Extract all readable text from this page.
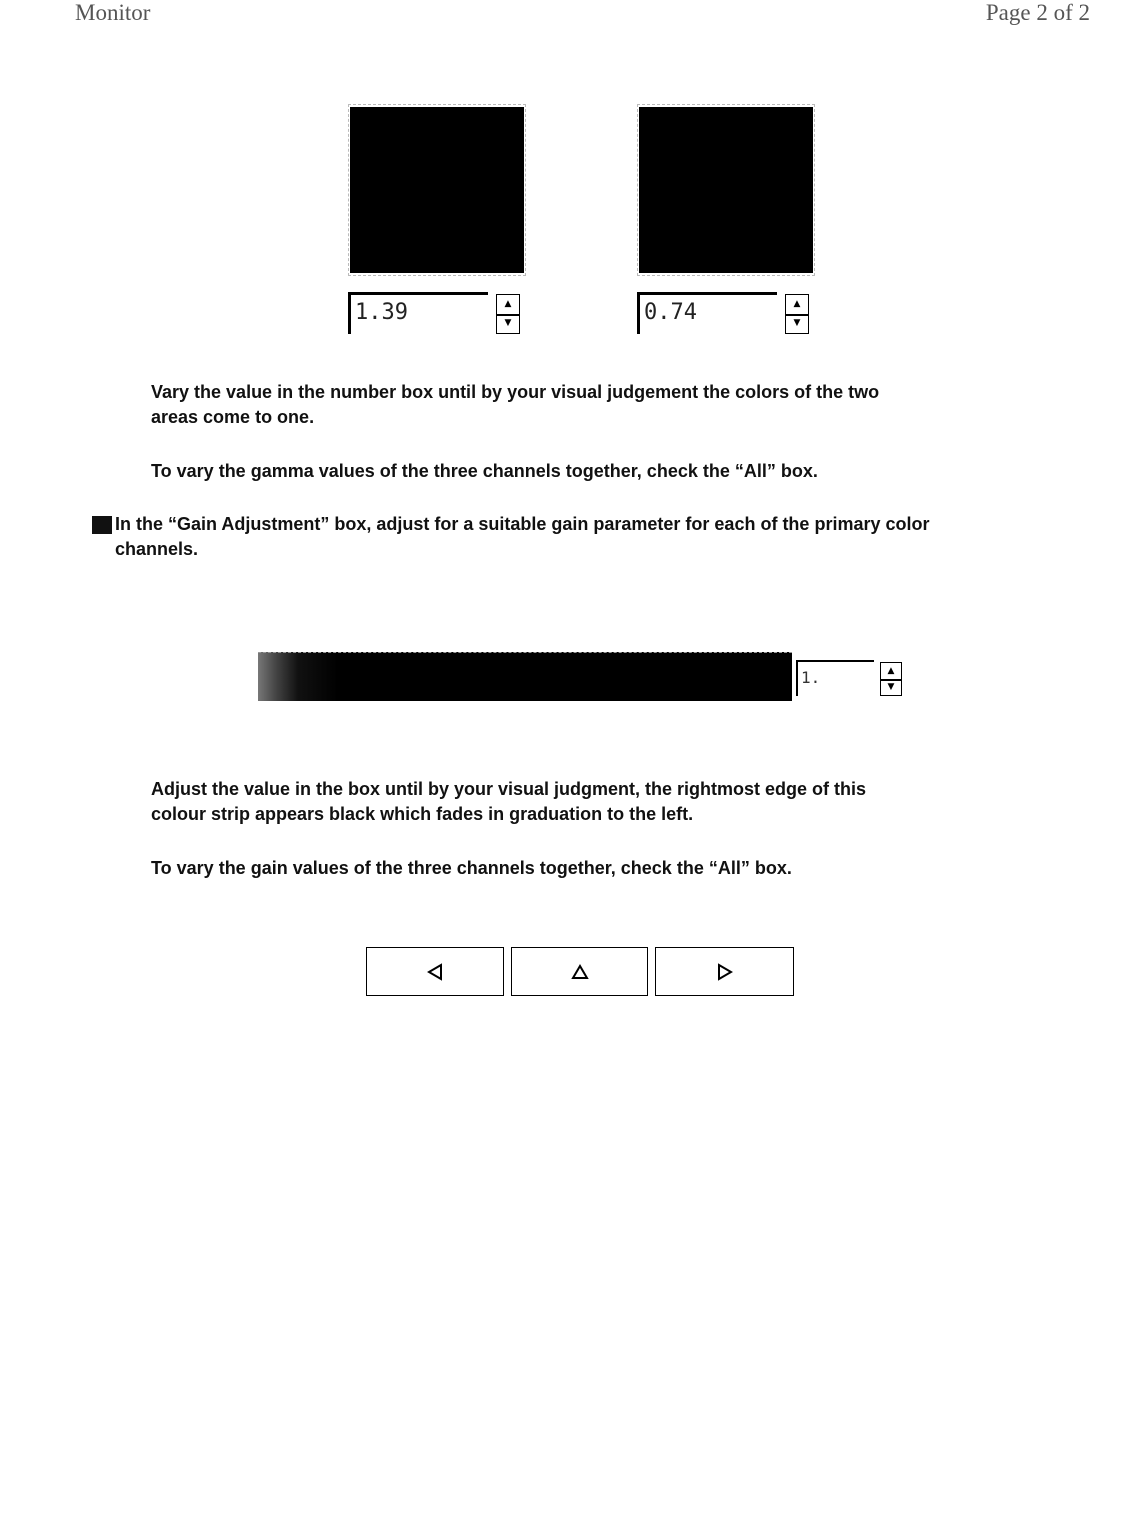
Monitor	Page 2 of 2
1.39	▲
▼	0.74	▲
▼
Vary the value in the number box until by your visual judgement the colors of the two
areas come to one.
To vary the gamma values of the three channels together, check the “All” box.
In the “Gain Adjustment” box, adjust for a suitable gain parameter for each of the primary color
channels.
1.	▲
▼
Adjust the value in the box until by your visual judgment, the rightmost edge of this
colour strip appears black which fades in graduation to the left.
To vary the gain values of the three channels together, check the “All” box.
